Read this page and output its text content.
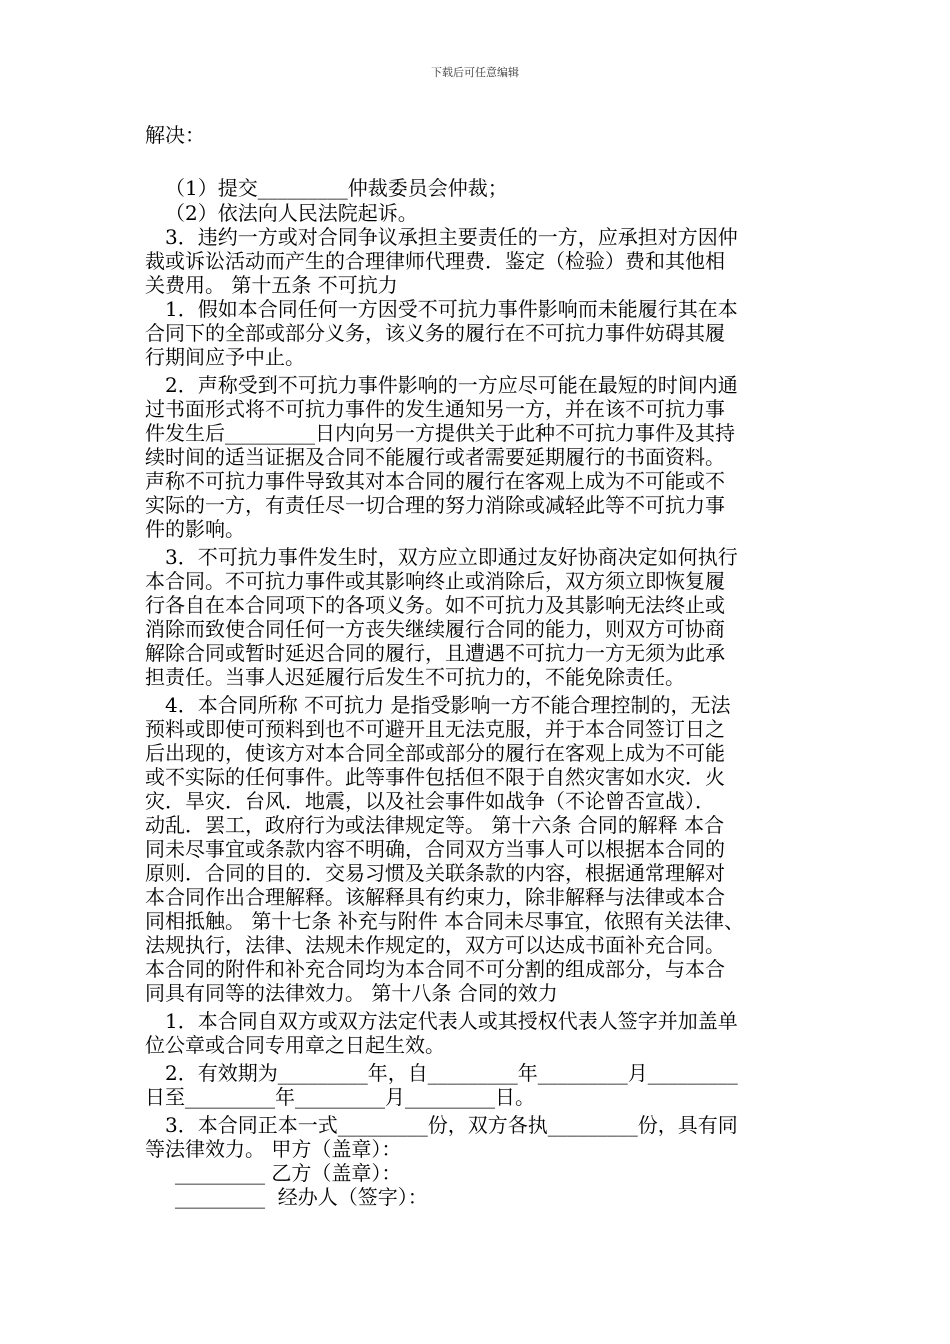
下载后可任意编辑
解决：
（1）提交_________仲裁委员会仲裁；
（2）依法向人民法院起诉。
3．违约一方或对合同争议承担主要责任的一方，应承担对方因仲
裁或诉讼活动而产生的合理律师代理费．鉴定（检验）费和其他相
关费用。 第十五条 不可抗力
1．假如本合同任何一方因受不可抗力事件影响而未能履行其在本
合同下的全部或部分义务，该义务的履行在不可抗力事件妨碍其履
行期间应予中止。
2．声称受到不可抗力事件影响的一方应尽可能在最短的时间内通
过书面形式将不可抗力事件的发生通知另一方，并在该不可抗力事
件发生后_________日内向另一方提供关于此种不可抗力事件及其持
续时间的适当证据及合同不能履行或者需要延期履行的书面资料。
声称不可抗力事件导致其对本合同的履行在客观上成为不可能或不
实际的一方，有责任尽一切合理的努力消除或减轻此等不可抗力事
件的影响。
3．不可抗力事件发生时，双方应立即通过友好协商决定如何执行
本合同。不可抗力事件或其影响终止或消除后，双方须立即恢复履
行各自在本合同项下的各项义务。如不可抗力及其影响无法终止或
消除而致使合同任何一方丧失继续履行合同的能力，则双方可协商
解除合同或暂时延迟合同的履行，且遭遇不可抗力一方无须为此承
担责任。当事人迟延履行后发生不可抗力的，不能免除责任。
4．本合同所称 不可抗力 是指受影响一方不能合理控制的，无法
预料或即使可预料到也不可避开且无法克服，并于本合同签订日之
后出现的，使该方对本合同全部或部分的履行在客观上成为不可能
或不实际的任何事件。此等事件包括但不限于自然灾害如水灾．火
灾．旱灾．台风．地震，以及社会事件如战争（不论曾否宣战）．
动乱．罢工，政府行为或法律规定等。 第十六条 合同的解释 本合
同未尽事宜或条款内容不明确，合同双方当事人可以根据本合同的
原则．合同的目的．交易习惯及关联条款的内容，根据通常理解对
本合同作出合理解释。该解释具有约束力，除非解释与法律或本合
同相抵触。 第十七条 补充与附件 本合同未尽事宜，依照有关法律、
法规执行，法律、法规未作规定的，双方可以达成书面补充合同。
本合同的附件和补充合同均为本合同不可分割的组成部分，与本合
同具有同等的法律效力。 第十八条 合同的效力
1．本合同自双方或双方法定代表人或其授权代表人签字并加盖单
位公章或合同专用章之日起生效。
2．有效期为_________年，自_________年_________月_________
日至_________年_________月_________日。
3．本合同正本一式_________份，双方各执_________份，具有同
等法律效力。 甲方（盖章）：
_________ 乙方（盖章）：
_________  经办人（签字）：
